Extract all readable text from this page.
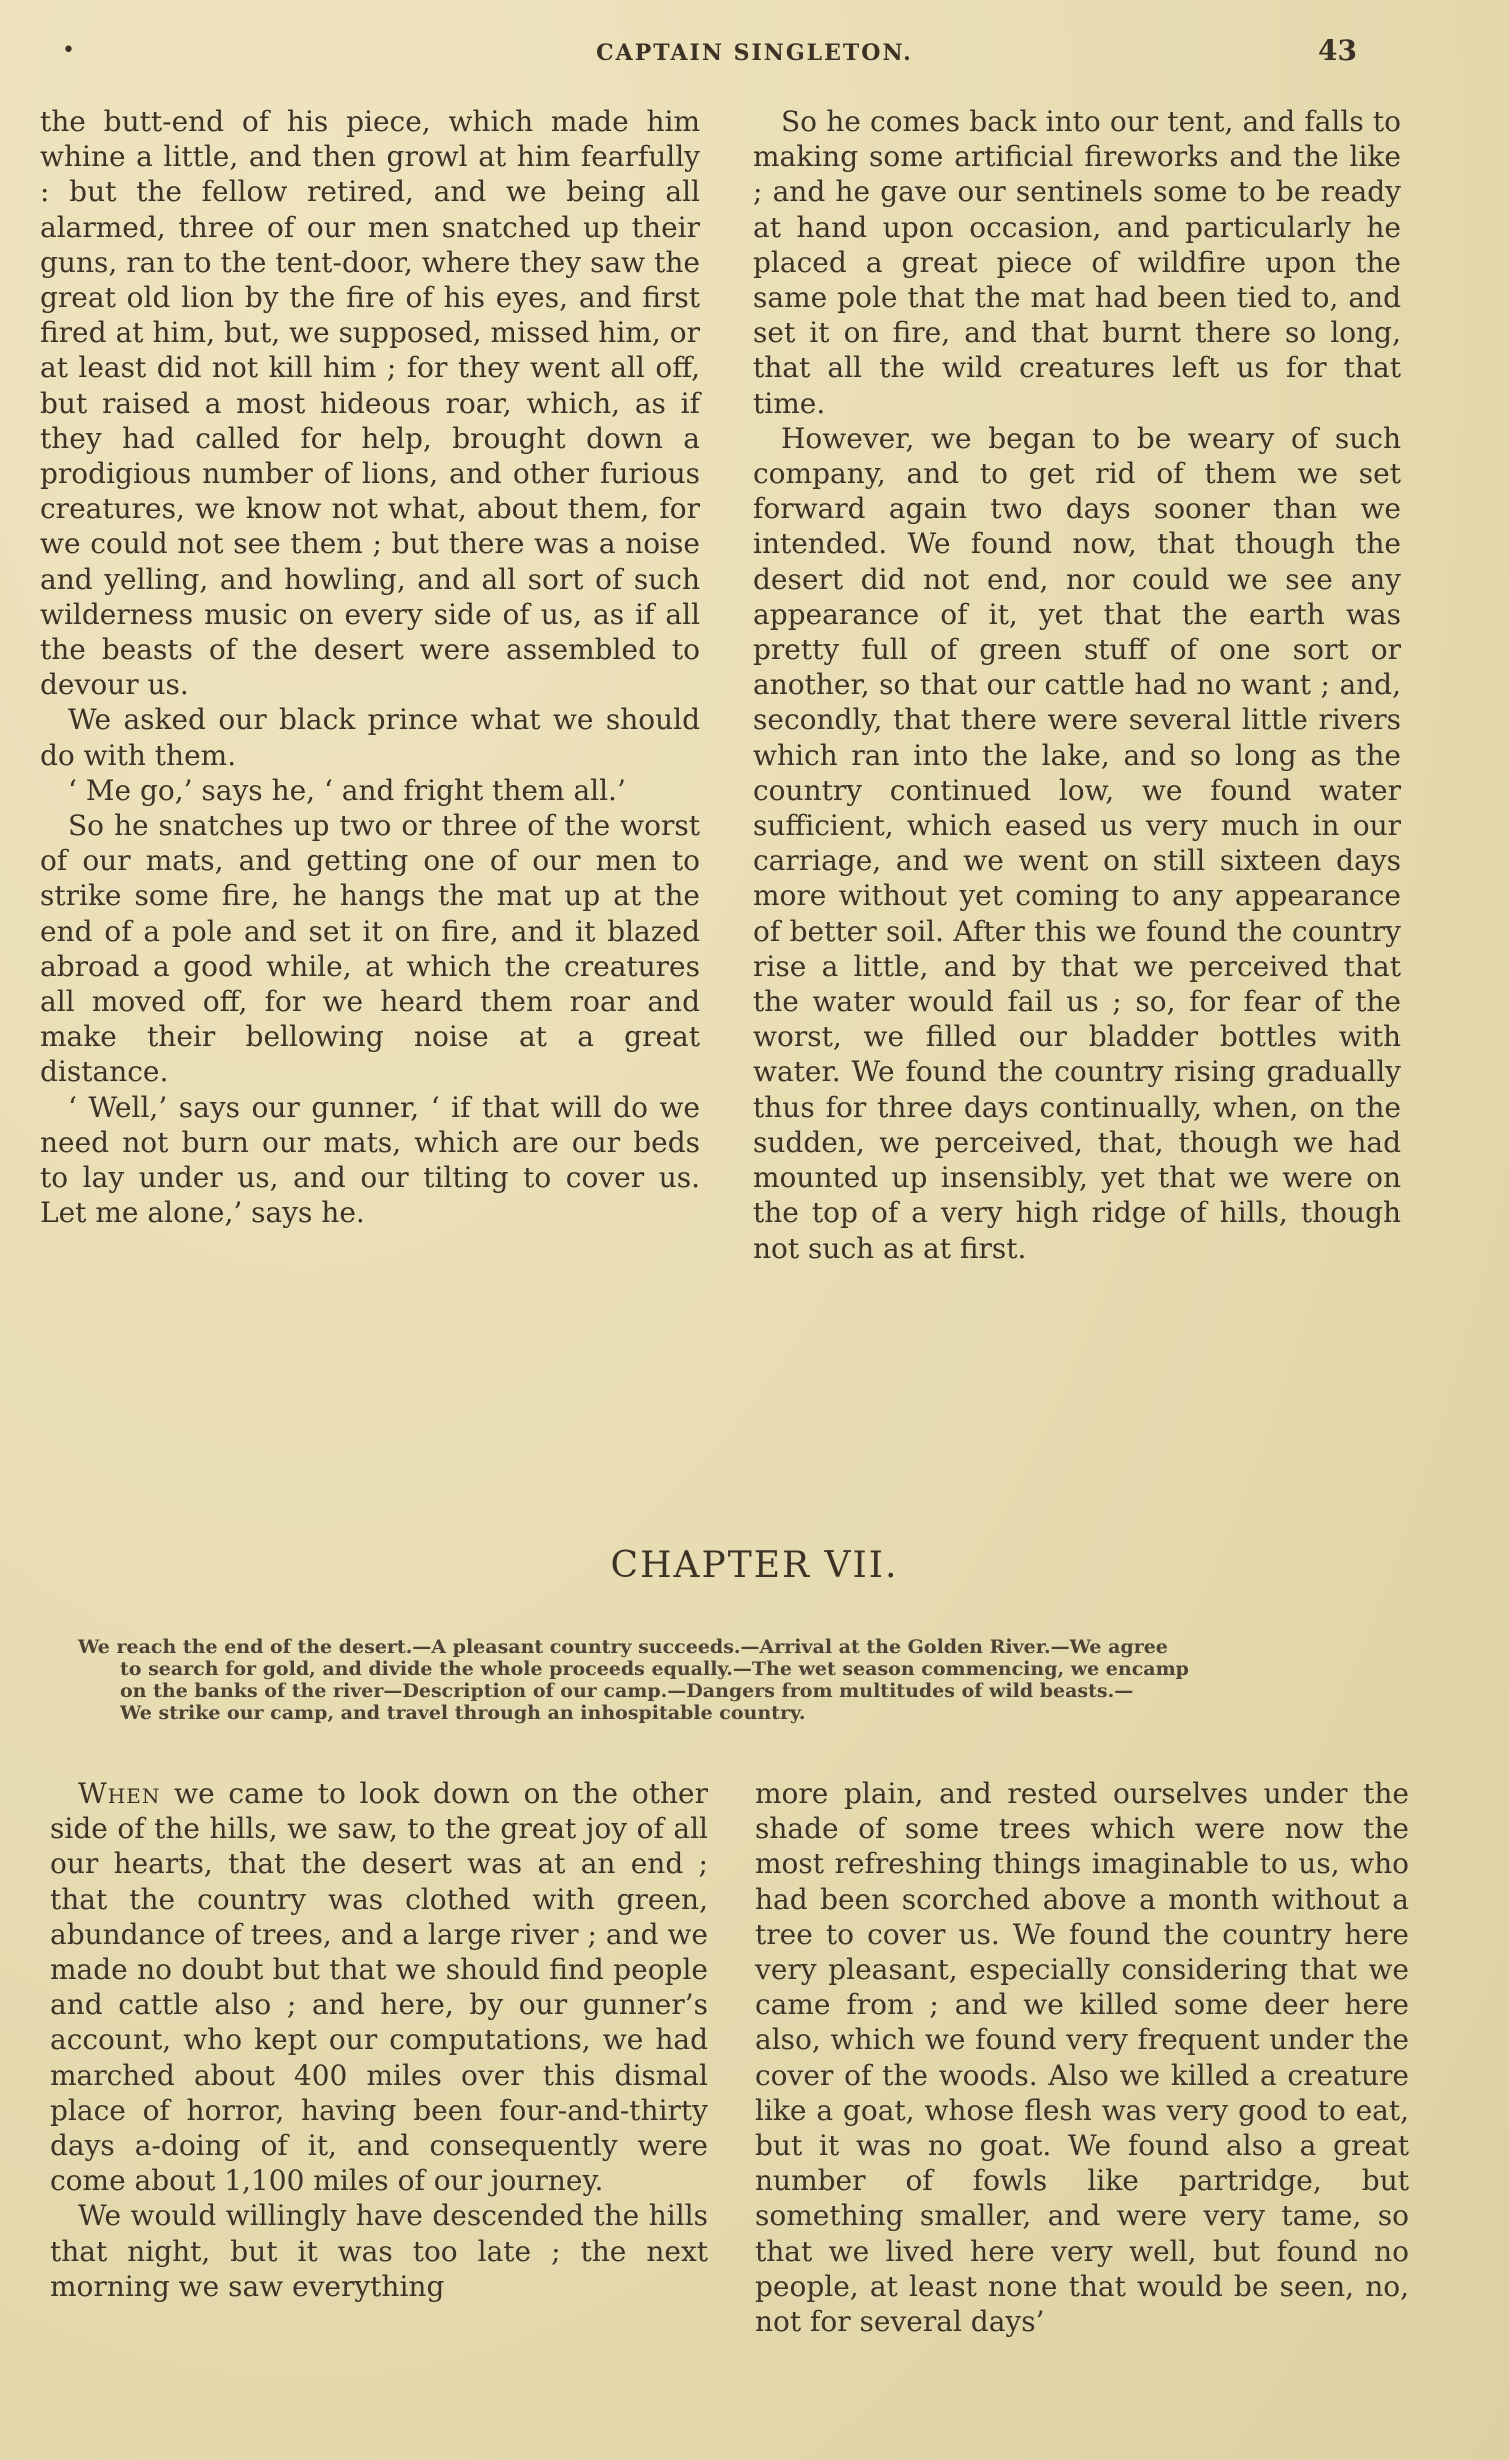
•	CAPTAIN SINGLETON.	43

the butt-end of his piece, which made him whine a little, and then growl at him fearfully : but the fellow retired, and we being all alarmed, three of our men snatched up their guns, ran to the tent-door, where they saw the great old lion by the fire of his eyes, and first fired at him, but, we supposed, missed him, or at least did not kill him ; for they went all off, but raised a most hideous roar, which, as if they had called for help, brought down a prodigious number of lions, and other furious creatures, we know not what, about them, for we could not see them ; but there was a noise and yelling, and howling, and all sort of such wilderness music on every side of us, as if all the beasts of the desert were assembled to devour us.

We asked our black prince what we should do with them.

‘ Me go,’ says he, ‘ and fright them all.’

So he snatches up two or three of the worst of our mats, and getting one of our men to strike some fire, he hangs the mat up at the end of a pole and set it on fire, and it blazed abroad a good while, at which the creatures all moved off, for we heard them roar and make their bellowing noise at a great distance.

‘ Well,’ says our gunner, ‘ if that will do we need not burn our mats, which are our beds to lay under us, and our tilting to cover us. Let me alone,’ says he.

So he comes back into our tent, and falls to making some artificial fireworks and the like ; and he gave our sentinels some to be ready at hand upon occasion, and particularly he placed a great piece of wildfire upon the same pole that the mat had been tied to, and set it on fire, and that burnt there so long, that all the wild creatures left us for that time.

However, we began to be weary of such company, and to get rid of them we set forward again two days sooner than we intended. We found now, that though the desert did not end, nor could we see any appearance of it, yet that the earth was pretty full of green stuff of one sort or another, so that our cattle had no want ; and, secondly, that there were several little rivers which ran into the lake, and so long as the country continued low, we found water sufficient, which eased us very much in our carriage, and we went on still sixteen days more without yet coming to any appearance of better soil. After this we found the country rise a little, and by that we perceived that the water would fail us ; so, for fear of the worst, we filled our bladder bottles with water. We found the country rising gradually thus for three days continually, when, on the sudden, we perceived, that, though we had mounted up insensibly, yet that we were on the top of a very high ridge of hills, though not such as at first.

CHAPTER VII.
We reach the end of the desert.—A pleasant country succeeds.—Arrival at the Golden River.—We agree
to search for gold, and divide the whole proceeds equally.—The wet season commencing, we encamp
on the banks of the river—Description of our camp.—Dangers from multitudes of wild beasts.—
We strike our camp, and travel through an inhospitable country.

When we came to look down on the other side of the hills, we saw, to the great joy of all our hearts, that the desert was at an end ; that the country was clothed with green, abundance of trees, and a large river ; and we made no doubt but that we should find people and cattle also ; and here, by our gunner’s account, who kept our computations, we had marched about 400 miles over this dismal place of horror, having been four-and-thirty days a-doing of it, and consequently were come about 1,100 miles of our journey.

We would willingly have descended the hills that night, but it was too late ; the next morning we saw everything

more plain, and rested ourselves under the shade of some trees which were now the most refreshing things imaginable to us, who had been scorched above a month without a tree to cover us. We found the country here very pleasant, especially considering that we came from ; and we killed some deer here also, which we found very frequent under the cover of the woods. Also we killed a creature like a goat, whose flesh was very good to eat, but it was no goat. We found also a great number of fowls like partridge, but something smaller, and were very tame, so that we lived here very well, but found no people, at least none that would be seen, no, not for several days’
